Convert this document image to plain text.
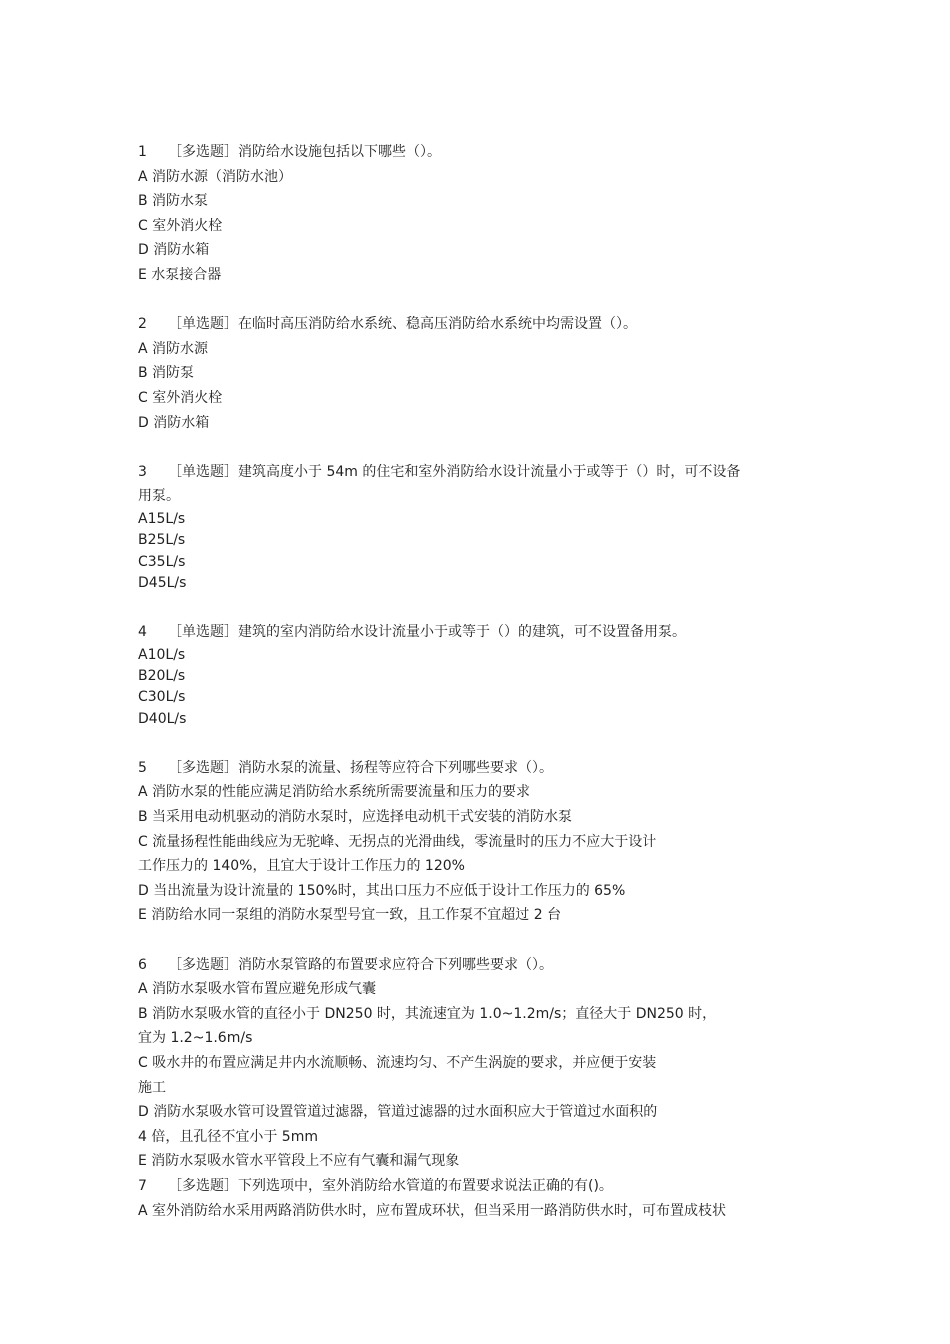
1	［多选题］消防给水设施包括以下哪些（）。
A 消防水源（消防水池）
B 消防水泵
C 室外消火栓
D 消防水箱
E 水泵接合器
2	［单选题］在临时高压消防给水系统、稳高压消防给水系统中均需设置（）。
A 消防水源
B 消防泵
C 室外消火栓
D 消防水箱
3	［单选题］建筑高度小于 54m 的住宅和室外消防给水设计流量小于或等于（）时，可不设备
用泵。
A15L/s
B25L/s
C35L/s
D45L/s
4	［单选题］建筑的室内消防给水设计流量小于或等于（）的建筑，可不设置备用泵。
A10L/s
B20L/s
C30L/s
D40L/s
5	［多选题］消防水泵的流量、扬程等应符合下列哪些要求（）。
A 消防水泵的性能应满足消防给水系统所需要流量和压力的要求
B 当采用电动机驱动的消防水泵时，应选择电动机干式安装的消防水泵
C 流量扬程性能曲线应为无驼峰、无拐点的光滑曲线，零流量时的压力不应大于设计
工作压力的 140%，且宜大于设计工作压力的 120%
D 当出流量为设计流量的 150%时，其出口压力不应低于设计工作压力的 65%
E 消防给水同一泵组的消防水泵型号宜一致，且工作泵不宜超过 2 台
6	［多选题］消防水泵管路的布置要求应符合下列哪些要求（）。
A 消防水泵吸水管布置应避免形成气囊
B 消防水泵吸水管的直径小于 DN250 时，其流速宜为 1.0~1.2m/s；直径大于 DN250 时，
宜为 1.2~1.6m/s
C 吸水井的布置应满足井内水流顺畅、流速均匀、不产生涡旋的要求，并应便于安装
施工
D 消防水泵吸水管可设置管道过滤器，管道过滤器的过水面积应大于管道过水面积的
4 倍，且孔径不宜小于 5mm
E 消防水泵吸水管水平管段上不应有气囊和漏气现象
7	［多选题］下列选项中，室外消防给水管道的布置要求说法正确的有()。
A 室外消防给水采用两路消防供水时，应布置成环状，但当采用一路消防供水时，可布置成枝状
